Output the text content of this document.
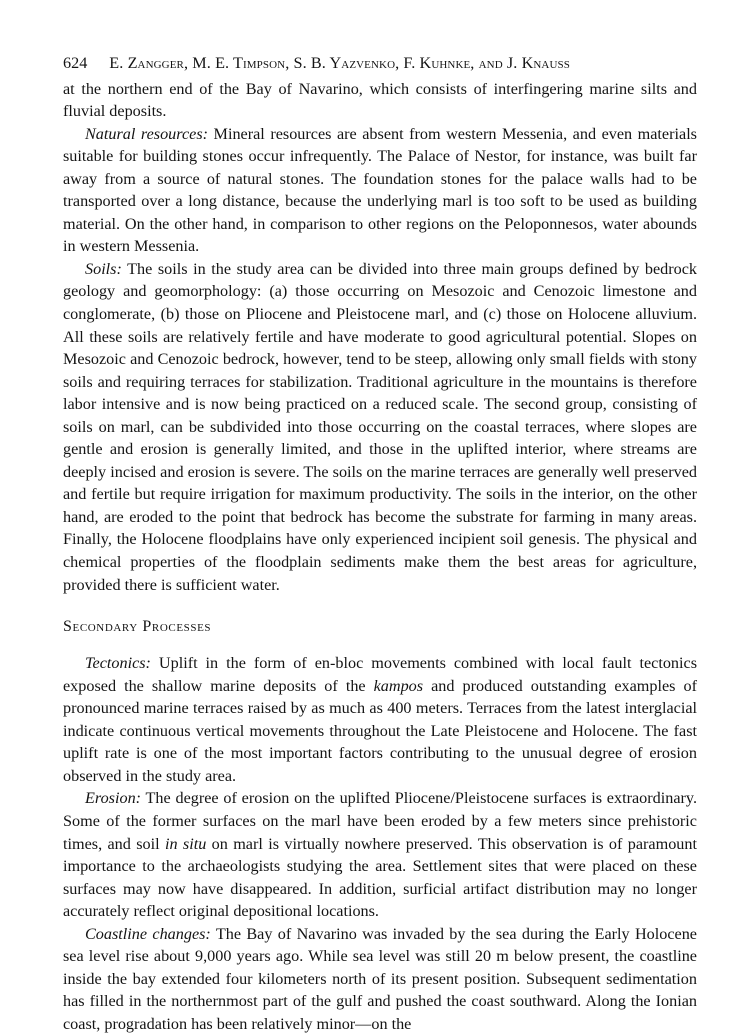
624 E. Zangger, M. E. Timpson, S. B. Yazvenko, F. Kuhnke, and J. Knauss

at the northern end of the Bay of Navarino, which consists of interfingering marine silts and fluvial deposits.

Natural resources: Mineral resources are absent from western Messenia, and even materials suitable for building stones occur infrequently. The Palace of Nestor, for instance, was built far away from a source of natural stones. The foundation stones for the palace walls had to be transported over a long distance, because the underlying marl is too soft to be used as building material. On the other hand, in comparison to other regions on the Peloponnesos, water abounds in western Messenia.

Soils: The soils in the study area can be divided into three main groups defined by bedrock geology and geomorphology: (a) those occurring on Mesozoic and Cenozoic limestone and conglomerate, (b) those on Pliocene and Pleistocene marl, and (c) those on Holocene alluvium. All these soils are relatively fertile and have moderate to good agricultural potential. Slopes on Mesozoic and Cenozoic bedrock, however, tend to be steep, allowing only small fields with stony soils and requiring terraces for stabilization. Traditional agriculture in the mountains is therefore labor intensive and is now being practiced on a reduced scale. The second group, consisting of soils on marl, can be subdivided into those occurring on the coastal terraces, where slopes are gentle and erosion is generally limited, and those in the uplifted interior, where streams are deeply incised and erosion is severe. The soils on the marine terraces are generally well preserved and fertile but require irrigation for maximum productivity. The soils in the interior, on the other hand, are eroded to the point that bedrock has become the substrate for farming in many areas. Finally, the Holocene floodplains have only experienced incipient soil genesis. The physical and chemical properties of the floodplain sediments make them the best areas for agriculture, provided there is sufficient water.

Secondary Processes

Tectonics: Uplift in the form of en-bloc movements combined with local fault tectonics exposed the shallow marine deposits of the kampos and produced outstanding examples of pronounced marine terraces raised by as much as 400 meters. Terraces from the latest interglacial indicate continuous vertical movements throughout the Late Pleistocene and Holocene. The fast uplift rate is one of the most important factors contributing to the unusual degree of erosion observed in the study area.

Erosion: The degree of erosion on the uplifted Pliocene/Pleistocene surfaces is extraordinary. Some of the former surfaces on the marl have been eroded by a few meters since prehistoric times, and soil in situ on marl is virtually nowhere preserved. This observation is of paramount importance to the archaeologists studying the area. Settlement sites that were placed on these surfaces may now have disappeared. In addition, surficial artifact distribution may no longer accurately reflect original depositional locations.

Coastline changes: The Bay of Navarino was invaded by the sea during the Early Holocene sea level rise about 9,000 years ago. While sea level was still 20 m below present, the coastline inside the bay extended four kilometers north of its present position. Subsequent sedimentation has filled in the northernmost part of the gulf and pushed the coast southward. Along the Ionian coast, progradation has been relatively minor—on the
